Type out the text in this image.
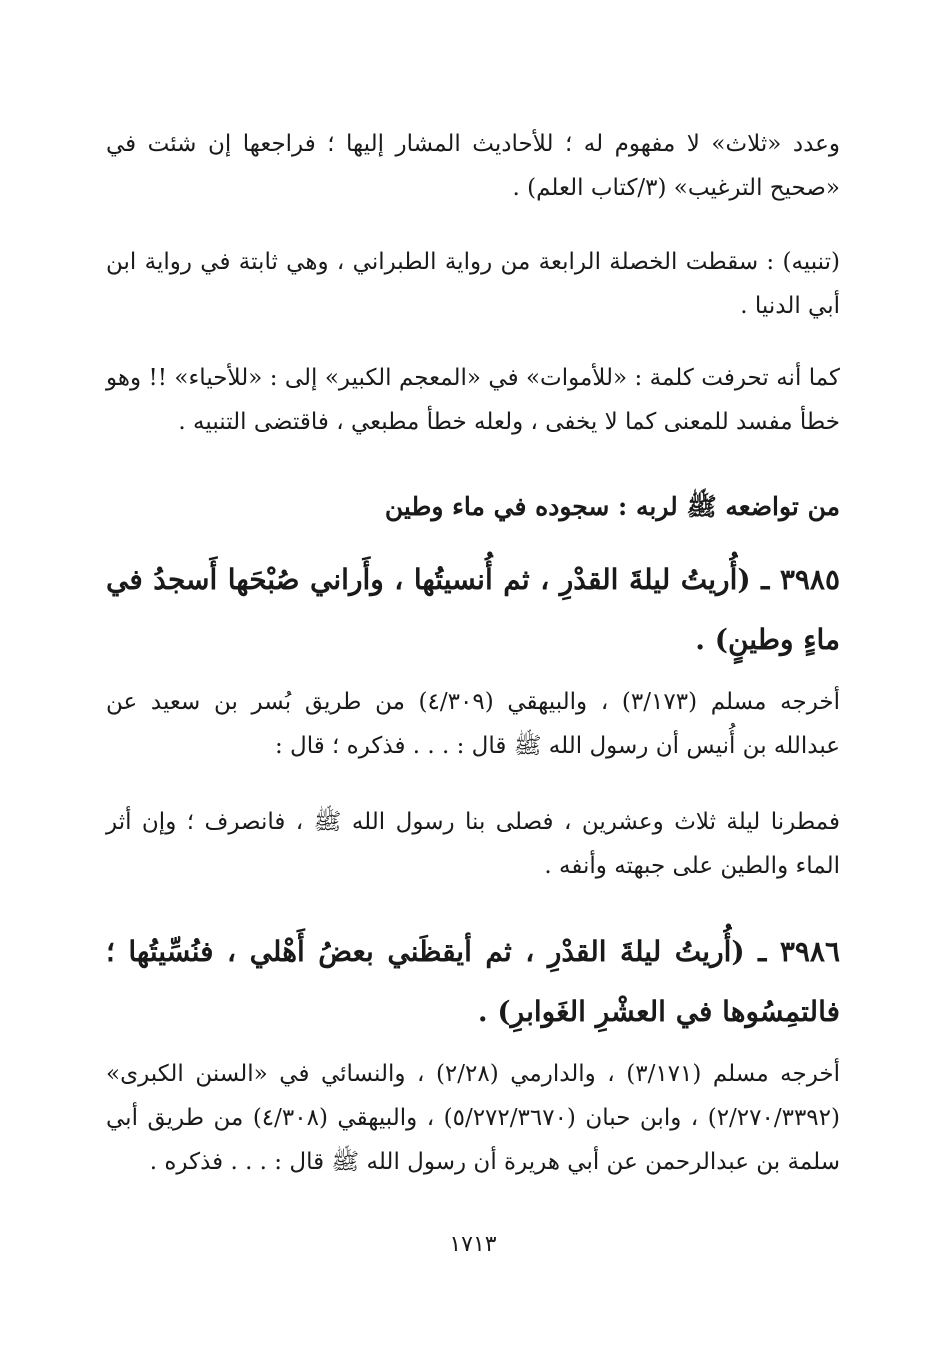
وعدد «ثلاث» لا مفهوم له ؛ للأحاديث المشار إليها ؛ فراجعها إن شئت في «صحيح الترغيب» (٣/كتاب العلم) .

(تنبيه) : سقطت الخصلة الرابعة من رواية الطبراني ، وهي ثابتة في رواية ابن أبي الدنيا .

كما أنه تحرفت كلمة : «للأموات» في «المعجم الكبير» إلى : «للأحياء» !! وهو خطأ مفسد للمعنى كما لا يخفى ، ولعله خطأ مطبعي ، فاقتضى التنبيه .

من تواضعه ﷺ لربه : سجوده في ماء وطين

٣٩٨٥ ـ (أُريتُ ليلةَ القدْرِ ، ثم أُنسيتُها ، وأَراني صُبْحَها أَسجدُ في ماءٍ وطينٍ) .

أخرجه مسلم (٣/١٧٣) ، والبيهقي (٤/٣٠٩) من طريق بُسر بن سعيد عن عبدالله بن أُنيس أن رسول الله ﷺ قال : . . . فذكره ؛ قال :

فمطرنا ليلة ثلاث وعشرين ، فصلى بنا رسول الله ﷺ ، فانصرف ؛ وإن أثر الماء والطين على جبهته وأنفه .

٣٩٨٦ ـ (أُريتُ ليلةَ القدْرِ ، ثم أيقظَني بعضُ أَهْلي ، فنُسِّيتُها ؛ فالتمِسُوها في العشْرِ الغَوابرِ) .

أخرجه مسلم (٣/١٧١) ، والدارمي (٢/٢٨) ، والنسائي في «السنن الكبرى» (٢/٢٧٠/٣٣٩٢) ، وابن حبان (٥/٢٧٢/٣٦٧٠) ، والبيهقي (٤/٣٠٨) من طريق أبي سلمة بن عبدالرحمن عن أبي هريرة أن رسول الله ﷺ قال : . . . فذكره .

١٧١٣
